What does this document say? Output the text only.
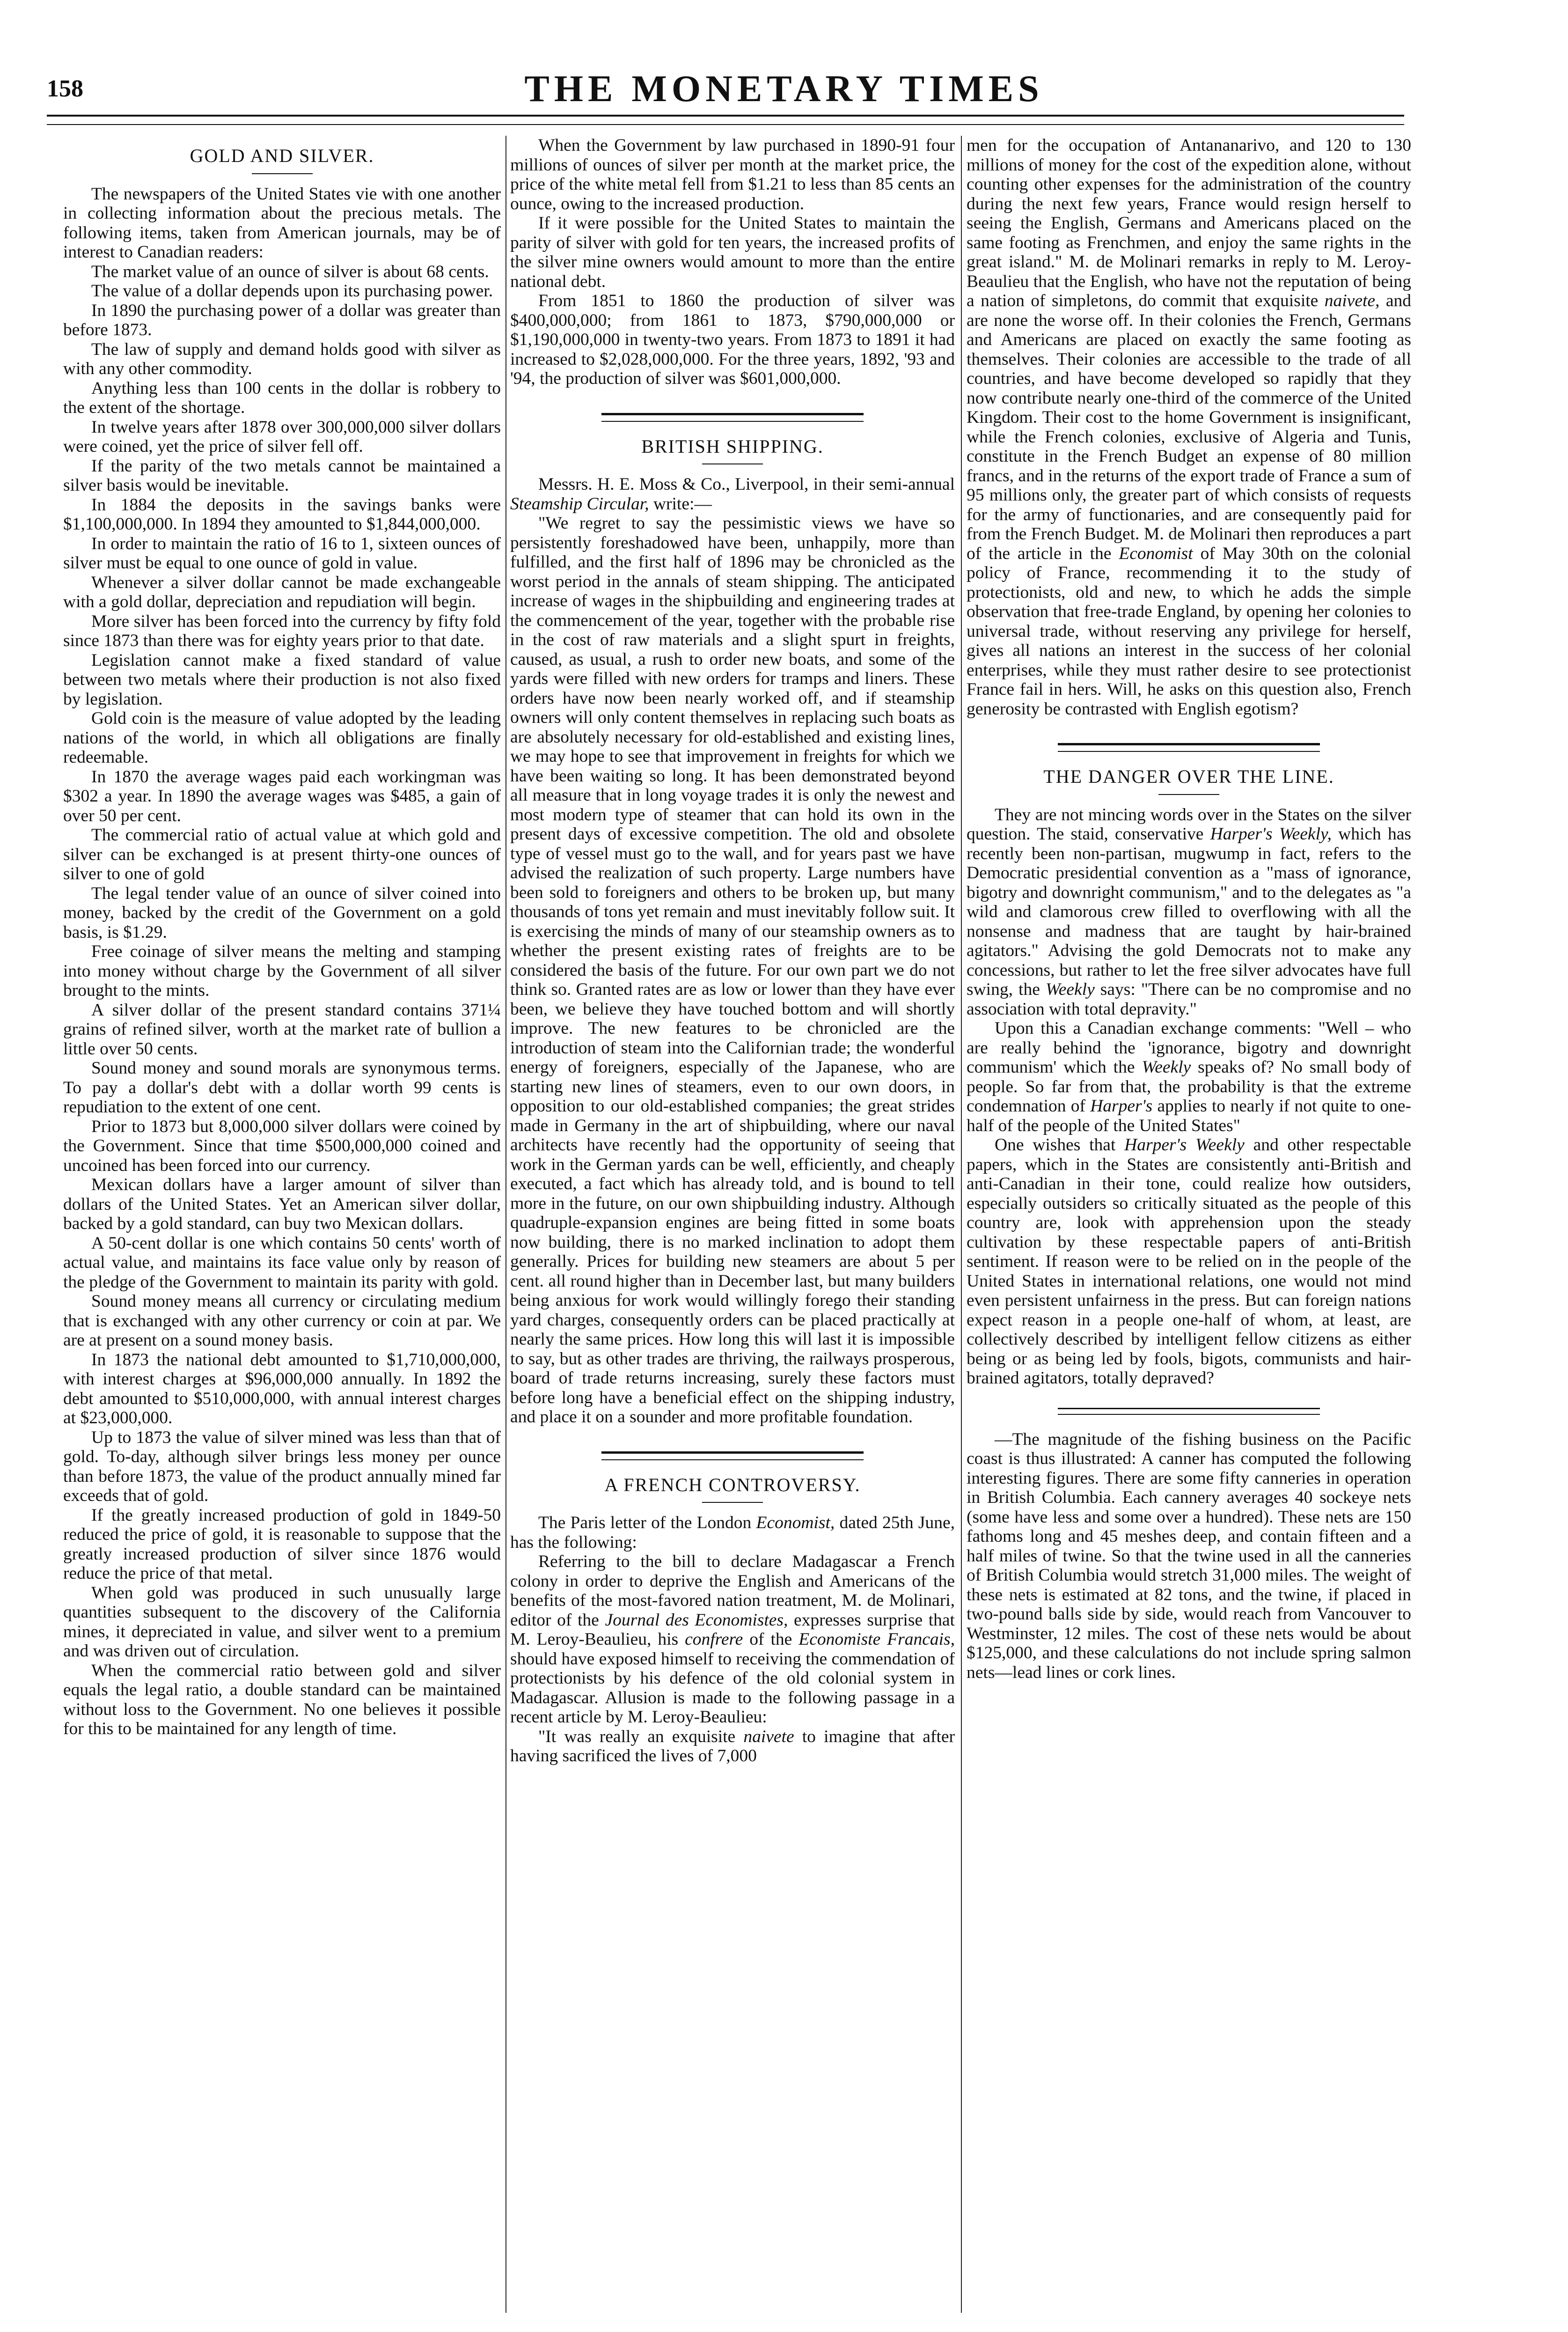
158	THE MONETARY TIMES
GOLD AND SILVER.

The newspapers of the United States vie with one another in collecting information about the precious metals. The following items, taken from American journals, may be of interest to Canadian readers:

The market value of an ounce of silver is about 68 cents.

The value of a dollar depends upon its purchasing power.

In 1890 the purchasing power of a dollar was greater than before 1873.

The law of supply and demand holds good with silver as with any other commodity.

Anything less than 100 cents in the dollar is robbery to the extent of the shortage.

In twelve years after 1878 over 300,000,000 silver dollars were coined, yet the price of silver fell off.

If the parity of the two metals cannot be maintained a silver basis would be inevitable.

In 1884 the deposits in the savings banks were $1,100,000,000. In 1894 they amounted to $1,844,000,000.

In order to maintain the ratio of 16 to 1, sixteen ounces of silver must be equal to one ounce of gold in value.

Whenever a silver dollar cannot be made exchangeable with a gold dollar, depreciation and repudiation will begin.

More silver has been forced into the currency by fifty fold since 1873 than there was for eighty years prior to that date.

Legislation cannot make a fixed standard of value between two metals where their production is not also fixed by legislation.

Gold coin is the measure of value adopted by the leading nations of the world, in which all obligations are finally redeemable.

In 1870 the average wages paid each workingman was $302 a year. In 1890 the average wages was $485, a gain of over 50 per cent.

The commercial ratio of actual value at which gold and silver can be exchanged is at present thirty-one ounces of silver to one of gold

The legal tender value of an ounce of silver coined into money, backed by the credit of the Government on a gold basis, is $1.29.

Free coinage of silver means the melting and stamping into money without charge by the Government of all silver brought to the mints.

A silver dollar of the present standard contains 371¼ grains of refined silver, worth at the market rate of bullion a little over 50 cents.

Sound money and sound morals are synonymous terms. To pay a dollar's debt with a dollar worth 99 cents is repudiation to the extent of one cent.

Prior to 1873 but 8,000,000 silver dollars were coined by the Government. Since that time $500,000,000 coined and uncoined has been forced into our currency.

Mexican dollars have a larger amount of silver than dollars of the United States. Yet an American silver dollar, backed by a gold standard, can buy two Mexican dollars.

A 50-cent dollar is one which contains 50 cents' worth of actual value, and maintains its face value only by reason of the pledge of the Government to maintain its parity with gold.

Sound money means all currency or circulating medium that is exchanged with any other currency or coin at par. We are at present on a sound money basis.

In 1873 the national debt amounted to $1,710,000,000, with interest charges at $96,000,000 annually. In 1892 the debt amounted to $510,000,000, with annual interest charges at $23,000,000.

Up to 1873 the value of silver mined was less than that of gold. To-day, although silver brings less money per ounce than before 1873, the value of the product annually mined far exceeds that of gold.

If the greatly increased production of gold in 1849-50 reduced the price of gold, it is reasonable to suppose that the greatly increased production of silver since 1876 would reduce the price of that metal.

When gold was produced in such unusually large quantities subsequent to the discovery of the California mines, it depreciated in value, and silver went to a premium and was driven out of circulation.

When the commercial ratio between gold and silver equals the legal ratio, a double standard can be maintained without loss to the Government. No one believes it possible for this to be maintained for any length of time.

When the Government by law purchased in 1890-91 four millions of ounces of silver per month at the market price, the price of the white metal fell from $1.21 to less than 85 cents an ounce, owing to the increased production.

If it were possible for the United States to maintain the parity of silver with gold for ten years, the increased profits of the silver mine owners would amount to more than the entire national debt.

From 1851 to 1860 the production of silver was $400,000,000; from 1861 to 1873, $790,000,000 or $1,190,000,000 in twenty-two years. From 1873 to 1891 it had increased to $2,028,000,000. For the three years, 1892, '93 and '94, the production of silver was $601,000,000.

BRITISH SHIPPING.

Messrs. H. E. Moss & Co., Liverpool, in their semi-annual Steamship Circular, write:—

"We regret to say the pessimistic views we have so persistently foreshadowed have been, unhappily, more than fulfilled, and the first half of 1896 may be chronicled as the worst period in the annals of steam shipping. The anticipated increase of wages in the shipbuilding and engineering trades at the commencement of the year, together with the probable rise in the cost of raw materials and a slight spurt in freights, caused, as usual, a rush to order new boats, and some of the yards were filled with new orders for tramps and liners. These orders have now been nearly worked off, and if steamship owners will only content themselves in replacing such boats as are absolutely necessary for old-established and existing lines, we may hope to see that improvement in freights for which we have been waiting so long. It has been demonstrated beyond all measure that in long voyage trades it is only the newest and most modern type of steamer that can hold its own in the present days of excessive competition. The old and obsolete type of vessel must go to the wall, and for years past we have advised the realization of such property. Large numbers have been sold to foreigners and others to be broken up, but many thousands of tons yet remain and must inevitably follow suit. It is exercising the minds of many of our steamship owners as to whether the present existing rates of freights are to be considered the basis of the future. For our own part we do not think so. Granted rates are as low or lower than they have ever been, we believe they have touched bottom and will shortly improve. The new features to be chronicled are the introduction of steam into the Californian trade; the wonderful energy of foreigners, especially of the Japanese, who are starting new lines of steamers, even to our own doors, in opposition to our old-established companies; the great strides made in Germany in the art of shipbuilding, where our naval architects have recently had the opportunity of seeing that work in the German yards can be well, efficiently, and cheaply executed, a fact which has already told, and is bound to tell more in the future, on our own shipbuilding industry. Although quadruple-expansion engines are being fitted in some boats now building, there is no marked inclination to adopt them generally. Prices for building new steamers are about 5 per cent. all round higher than in December last, but many builders being anxious for work would willingly forego their standing yard charges, consequently orders can be placed practically at nearly the same prices. How long this will last it is impossible to say, but as other trades are thriving, the railways prosperous, board of trade returns increasing, surely these factors must before long have a beneficial effect on the shipping industry, and place it on a sounder and more profitable foundation.

A FRENCH CONTROVERSY.

The Paris letter of the London Economist, dated 25th June, has the following:

Referring to the bill to declare Madagascar a French colony in order to deprive the English and Americans of the benefits of the most-favored nation treatment, M. de Molinari, editor of the Journal des Economistes, expresses surprise that M. Leroy-Beaulieu, his confrere of the Economiste Francais, should have exposed himself to receiving the commendation of protectionists by his defence of the old colonial system in Madagascar. Allusion is made to the following passage in a recent article by M. Leroy-Beaulieu:

"It was really an exquisite naivete to imagine that after having sacrificed the lives of 7,000

men for the occupation of Antananarivo, and 120 to 130 millions of money for the cost of the expedition alone, without counting other expenses for the administration of the country during the next few years, France would resign herself to seeing the English, Germans and Americans placed on the same footing as Frenchmen, and enjoy the same rights in the great island." M. de Molinari remarks in reply to M. Leroy-Beaulieu that the English, who have not the reputation of being a nation of simpletons, do commit that exquisite naivete, and are none the worse off. In their colonies the French, Germans and Americans are placed on exactly the same footing as themselves. Their colonies are accessible to the trade of all countries, and have become developed so rapidly that they now contribute nearly one-third of the commerce of the United Kingdom. Their cost to the home Government is insignificant, while the French colonies, exclusive of Algeria and Tunis, constitute in the French Budget an expense of 80 million francs, and in the returns of the export trade of France a sum of 95 millions only, the greater part of which consists of requests for the army of functionaries, and are consequently paid for from the French Budget. M. de Molinari then reproduces a part of the article in the Economist of May 30th on the colonial policy of France, recommending it to the study of protectionists, old and new, to which he adds the simple observation that free-trade England, by opening her colonies to universal trade, without reserving any privilege for herself, gives all nations an interest in the success of her colonial enterprises, while they must rather desire to see protectionist France fail in hers. Will, he asks on this question also, French generosity be contrasted with English egotism?

THE DANGER OVER THE LINE.

They are not mincing words over in the States on the silver question. The staid, conservative Harper's Weekly, which has recently been non-partisan, mugwump in fact, refers to the Democratic presidential convention as a "mass of ignorance, bigotry and downright communism," and to the delegates as "a wild and clamorous crew filled to overflowing with all the nonsense and madness that are taught by hair-brained agitators." Advising the gold Democrats not to make any concessions, but rather to let the free silver advocates have full swing, the Weekly says: "There can be no compromise and no association with total depravity."

Upon this a Canadian exchange comments: "Well – who are really behind the 'ignorance, bigotry and downright communism' which the Weekly speaks of? No small body of people. So far from that, the probability is that the extreme condemnation of Harper's applies to nearly if not quite to one-half of the people of the United States"

One wishes that Harper's Weekly and other respectable papers, which in the States are consistently anti-British and anti-Canadian in their tone, could realize how outsiders, especially outsiders so critically situated as the people of this country are, look with apprehension upon the steady cultivation by these respectable papers of anti-British sentiment. If reason were to be relied on in the people of the United States in international relations, one would not mind even persistent unfairness in the press. But can foreign nations expect reason in a people one-half of whom, at least, are collectively described by intelligent fellow citizens as either being or as being led by fools, bigots, communists and hair-brained agitators, totally depraved?

—The magnitude of the fishing business on the Pacific coast is thus illustrated: A canner has computed the following interesting figures. There are some fifty canneries in operation in British Columbia. Each cannery averages 40 sockeye nets (some have less and some over a hundred). These nets are 150 fathoms long and 45 meshes deep, and contain fifteen and a half miles of twine. So that the twine used in all the canneries of British Columbia would stretch 31,000 miles. The weight of these nets is estimated at 82 tons, and the twine, if placed in two-pound balls side by side, would reach from Vancouver to Westminster, 12 miles. The cost of these nets would be about $125,000, and these calculations do not include spring salmon nets—lead lines or cork lines.
